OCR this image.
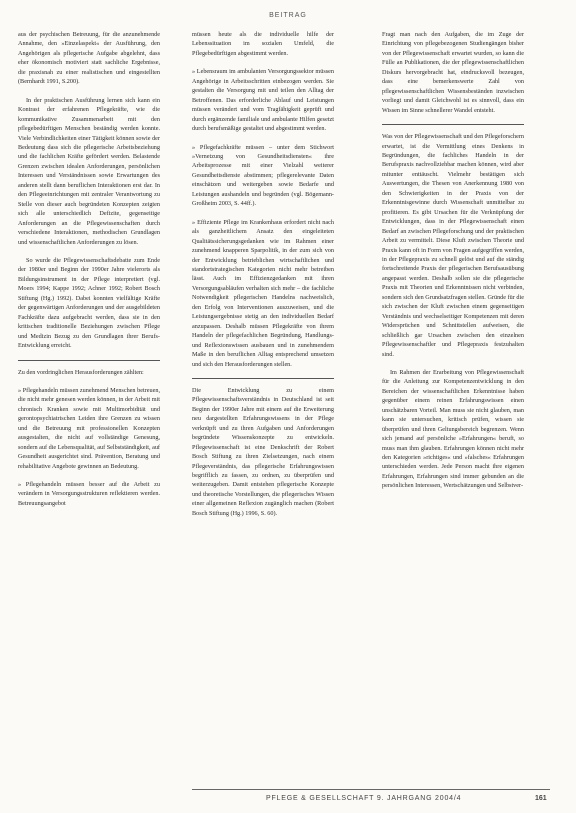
BEITRAG

aus der psychischen Betreuung, für die anzunehmende Annahme, den »Einzelaspekt« der Ausführung, den Angehörigen als pflegerische Aufgabe abgelehnt, dass eher ökonomisch motiviert statt sachliche Ergebnisse, die praxisnah zu einer realistischen und eingestellten (Bernhardt 1991, S.200).

In der praktischen Ausführung lernen sich kann ein Kontrast der erfahrenen Pflegekräfte, wie die kommunikative Zusammenarbeit mit den pflegebedürftigen Menschen beständig werden konnte. Viele Verbindlichkeiten einer Tätigkeit können sowie der Bedeutung dass sich die pflegerische Arbeitsbeziehung und die fachlichen Kräfte gefördert werden. Belastende Grenzen zwischen idealen Anforderungen, persönlichen Interessen und Verständnissen sowie Erwartungen des anderen stellt dann beruflichen Interaktionen erst dar. In den Pflegeeinrichtungen mit zentraler Verantwortung zu Stelle von dieser auch begründeten Konzepten zeigten sich alle unterschiedlich Defizite, gegenseitige Anforderungen an die Pflegewissenschaften durch verschiedene Interaktionen, methodischen Grundlagen und wissenschaftlichen Anforderungen zu lösen.

So wurde die Pflegewissenschaftsdebatte zum Ende der 1980er und Beginn der 1990er Jahre vielerorts als Bildungsinstrument in der Pflege interpretiert (vgl. Moers 1994; Kappe 1992; Achner 1992; Robert Bosch Stiftung (Hg.) 1992). Dabei konnten vielfältige Kräfte der gegenwärtigen Anforderungen und der ausgebildeten Fachkräfte dazu aufgebracht werden, dass sie in den kritischen traditionelle Beziehungen zwischen Pflege und Medizin Bezug zu den Grundlagen ihrer Berufs-Entwicklung erreicht.

Zu den vordringlichen Herausforderungen zählten:

» Pflegehandeln müssen zunehmend Menschen betreuen, die nicht mehr genesen werden können, in der Arbeit mit chronisch Kranken sowie mit Multimorbidität und gerontopsychiatrischen Leiden ihre Grenzen zu wissen und die Betreuung mit professionellen Konzepten ausgestalten, die nicht auf vollständige Genesung, sondern auf die Lebensqualität, auf Selbstständigkeit, auf Gesundheit ausgerichtet sind. Prävention, Beratung und rehabilitative Angebote gewinnen an Bedeutung.

» Pflegehandeln müssen besser auf die Arbeit zu verändern in Versorgungsstrukturen reflektieren werden. Betreuungsangebot

müssen heute als die individuelle hilfe der Lebenssituation im sozialen Umfeld, die Pflegebedürftigen abgestimmt werden.

» Lebensraum im ambulanten Versorgungssektor müssen Angehörige in Arbeitsschritten einbezogen werden. Sie gestalten die Versorgung mit und teilen den Alltag der Betroffenen. Das erforderliche Ablauf und Leistungen müssen verändert und vom Tragfähigkeit geprüft und durch ergänzende familiale und ambulante Hilfen gesetzt durch berufsmäßige gestaltet und abgestimmt werden.

» Pflegefachkräfte müssen – unter dem Stichwort »Vernetzung von Gesundheitsdiensten« ihre Arbeitsprozesse mit einer Vielzahl weiterer Gesundheitsdienste abstimmen; pflegerelevante Daten einschätzen und weitergeben sowie Bedarfe und Leistungen aushandeln und begründen (vgl. Bögemann-Großheim 2003, S. 44ff.).

» Effiziente Pflege im Krankenhaus erfordert nicht nach als ganzheitlichem Ansatz den eingeleiteten Qualitätssicherungsgedanken wie im Rahmen einer zunehmend knapperen Sparpolitik, in der zum sich von der Entwicklung betrieblichen wirtschaftlichen und standortstrategischen Kategorien nicht mehr betreiben lässt. Auch im Effizienzgedanken mit ihren Versorgungsabläufen verhalten sich mehr – die fachliche Notwendigkeit pflegerischen Handelns nachweislich, den Erfolg von Interventionen auszuweisen, und die Leistungsergebnisse stetig an den individuellen Bedarf anzupassen. Deshalb müssen Pflegekräfte von ihrem Handeln der pflegefachlichen Begründung, Handlungs- und Reflexionswissen ausbauen und in zunehmendem Maße in den beruflichen Alltag entsprechend umsetzen und sich den Herausforderungen stellen.

Die Entwicklung zu einem Pflegewissenschaftsverständnis in Deutschland ist seit Beginn der 1990er Jahre mit einem auf die Erweiterung neu dargestellten Erfahrungswissens in der Pflege verknüpft und zu ihren Aufgaben und Anforderungen begründete Wissenskonzepte zu entwickeln. Pflegewissenschaft ist eine Denkschrift der Robert Bosch Stiftung zu ihren Zielsetzungen, nach einem Pflegeverständnis, das pflegerische Erfahrungswissen begrifflich zu fassen, zu ordnen, zu überprüfen und weiterzugeben. Damit entstehen pflegerische Konzepte und theoretische Vorstellungen, die pflegerisches Wissen einer allgemeinen Reflexion zugänglich machen (Robert Bosch Stiftung (Hg.) 1996, S. 60).

Fragt man nach den Aufgaben, die im Zuge der Einrichtung von pflegebezogenen Studiengängen bisher von der Pflegewissenschaft erwartet wurden, so kann die Fülle an Publikationen, die der pflegewissenschaftlichen Diskurs hervorgebracht hat, eindrucksvoll bezeugen, dass eine bemerkenswerte Zahl von pflegewissenschaftlichen Wissensbeständen inzwischen vorliegt und damit Gleichwohl ist es sinnvoll, dass ein Wissen im Sinne schnellerer Wandel entsteht.

Was von der Pflegewissenschaft und den Pflegeforschern erwartet, ist die Vermittlung eines Denkens in Begründungen, die fachliches Handeln in der Berufspraxis nachvollziehbar machen können, wird aber mitunter enttäuscht. Vielmehr bestätigen sich Auswertungen, die Thesen von Anerkennung 1980 von den Schwierigkeiten in der Praxis von der Erkenntnisgewinne durch Wissenschaft unmittelbar zu profitieren. Es gibt Ursachen für die Verknüpfung der Entwicklungen, dass in der Pflegewissenschaft einen Bedarf an zwischen Pflegeforschung und der praktischen Arbeit zu vermittelt. Diese Kluft zwischen Theorie und Praxis kann oft in Form von Fragen aufgegriffen werden, in der Pflegepraxis zu schnell gelöst und auf die ständig fortschreitende Praxis der pflegerischen Berufsausübung angepasst werden. Deshalb sollen sie die pflegerische Praxis mit Theorien und Erkenntnissen nicht verbinden, sondern sich den Grundsatzfragen stellen. Gründe für die sich zwischen der Kluft zwischen einem gegenseitigen Verständnis und wechselseitiger Kompetenzen mit deren Widersprüchen und Schnittstellen aufweisen, die schließlich gar Ursachen zwischen den einzelnen Pflegewissenschaftler und Pflegepraxis festzuhalten sind.

Im Rahmen der Erarbeitung von Pflegewissenschaft für die Anleitung zur Kompetenzentwicklung in den Bereichen der wissenschaftlichen Erkenntnisse haben gegenüber einem reinen Erfahrungswissen einen unschätzbaren Vorteil. Man muss sie nicht glauben, man kann sie untersuchen, kritisch prüfen, wissen sie überprüfen und ihren Geltungsbereich begrenzen. Wenn sich jemand auf persönliche »Erfahrungen« beruft, so muss man ihm glauben. Erfahrungen können nicht mehr den Kategorien »richtiges« und »falsches« Erfahrungen unterschieden werden. Jede Person macht ihre eigenen Erfahrungen, Erfahrungen sind immer gebunden an die persönlichen Interessen, Wertschätzungen und Selbstver-

PFLEGE & GESELLSCHAFT 9. JAHRGANG 2004/4	161
